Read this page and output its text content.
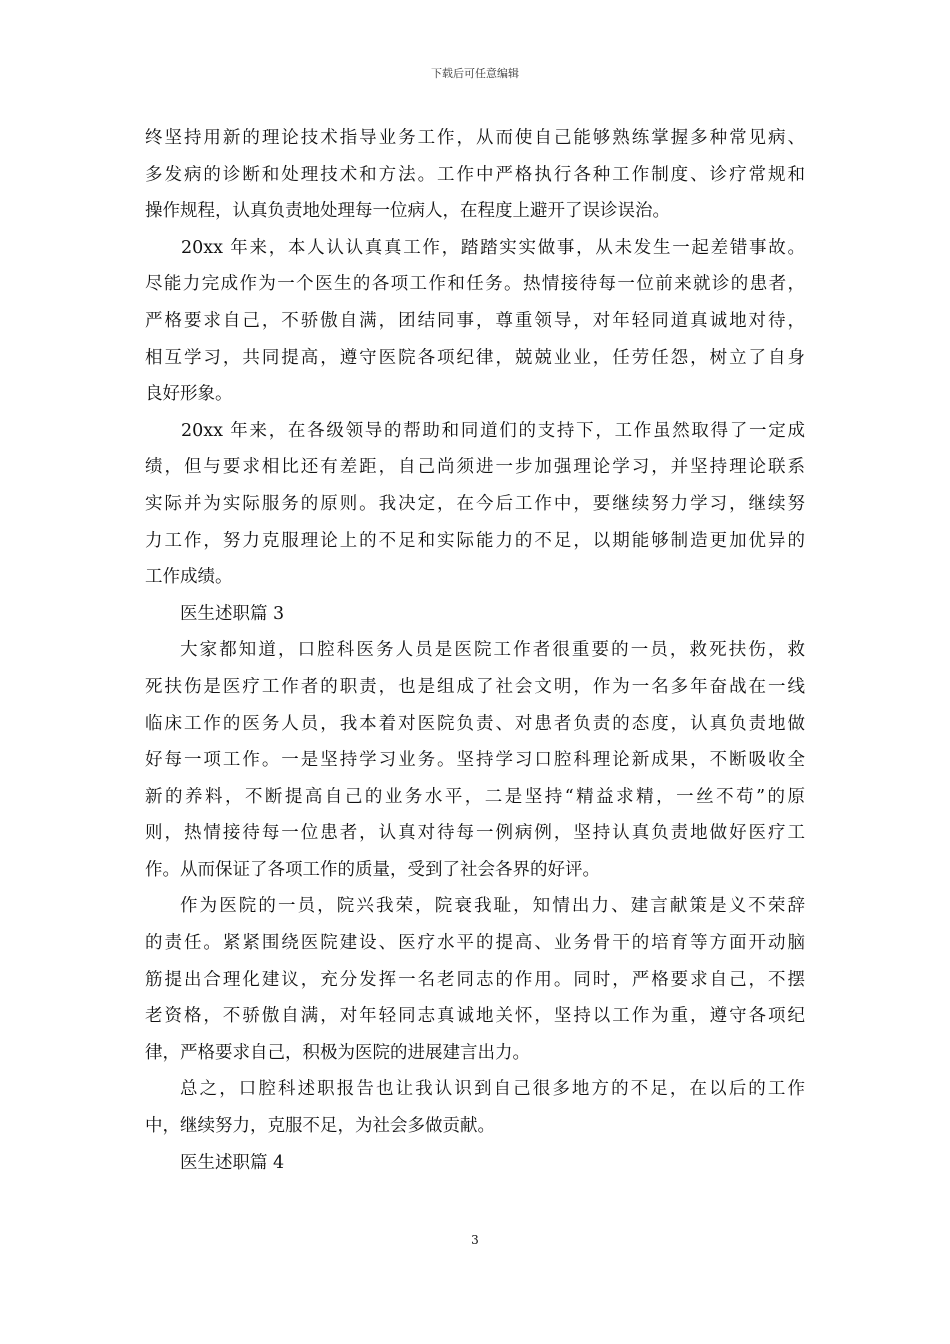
下载后可任意编辑
终坚持用新的理论技术指导业务工作，从而使自己能够熟练掌握多种常见病、
多发病的诊断和处理技术和方法。工作中严格执行各种工作制度、诊疗常规和
操作规程，认真负责地处理每一位病人，在程度上避开了误诊误治。
20xx 年来，本人认认真真工作，踏踏实实做事，从未发生一起差错事故。
尽能力完成作为一个医生的各项工作和任务。热情接待每一位前来就诊的患者，
严格要求自己，不骄傲自满，团结同事，尊重领导，对年轻同道真诚地对待，
相互学习，共同提高，遵守医院各项纪律，兢兢业业，任劳任怨，树立了自身
良好形象。
20xx 年来，在各级领导的帮助和同道们的支持下，工作虽然取得了一定成
绩，但与要求相比还有差距，自己尚须进一步加强理论学习，并坚持理论联系
实际并为实际服务的原则。我决定，在今后工作中，要继续努力学习，继续努
力工作，努力克服理论上的不足和实际能力的不足，以期能够制造更加优异的
工作成绩。
医生述职篇 3
大家都知道，口腔科医务人员是医院工作者很重要的一员，救死扶伤，救
死扶伤是医疗工作者的职责，也是组成了社会文明，作为一名多年奋战在一线
临床工作的医务人员，我本着对医院负责、对患者负责的态度，认真负责地做
好每一项工作。一是坚持学习业务。坚持学习口腔科理论新成果，不断吸收全
新的养料，不断提高自己的业务水平，二是坚持“精益求精，一丝不苟”的原
则，热情接待每一位患者，认真对待每一例病例，坚持认真负责地做好医疗工
作。从而保证了各项工作的质量，受到了社会各界的好评。
作为医院的一员，院兴我荣，院衰我耻，知情出力、建言献策是义不荣辞
的责任。紧紧围绕医院建设、医疗水平的提高、业务骨干的培育等方面开动脑
筋提出合理化建议，充分发挥一名老同志的作用。同时，严格要求自己，不摆
老资格，不骄傲自满，对年轻同志真诚地关怀，坚持以工作为重，遵守各项纪
律，严格要求自己，积极为医院的进展建言出力。
总之，口腔科述职报告也让我认识到自己很多地方的不足，在以后的工作
中，继续努力，克服不足，为社会多做贡献。
医生述职篇 4
3
